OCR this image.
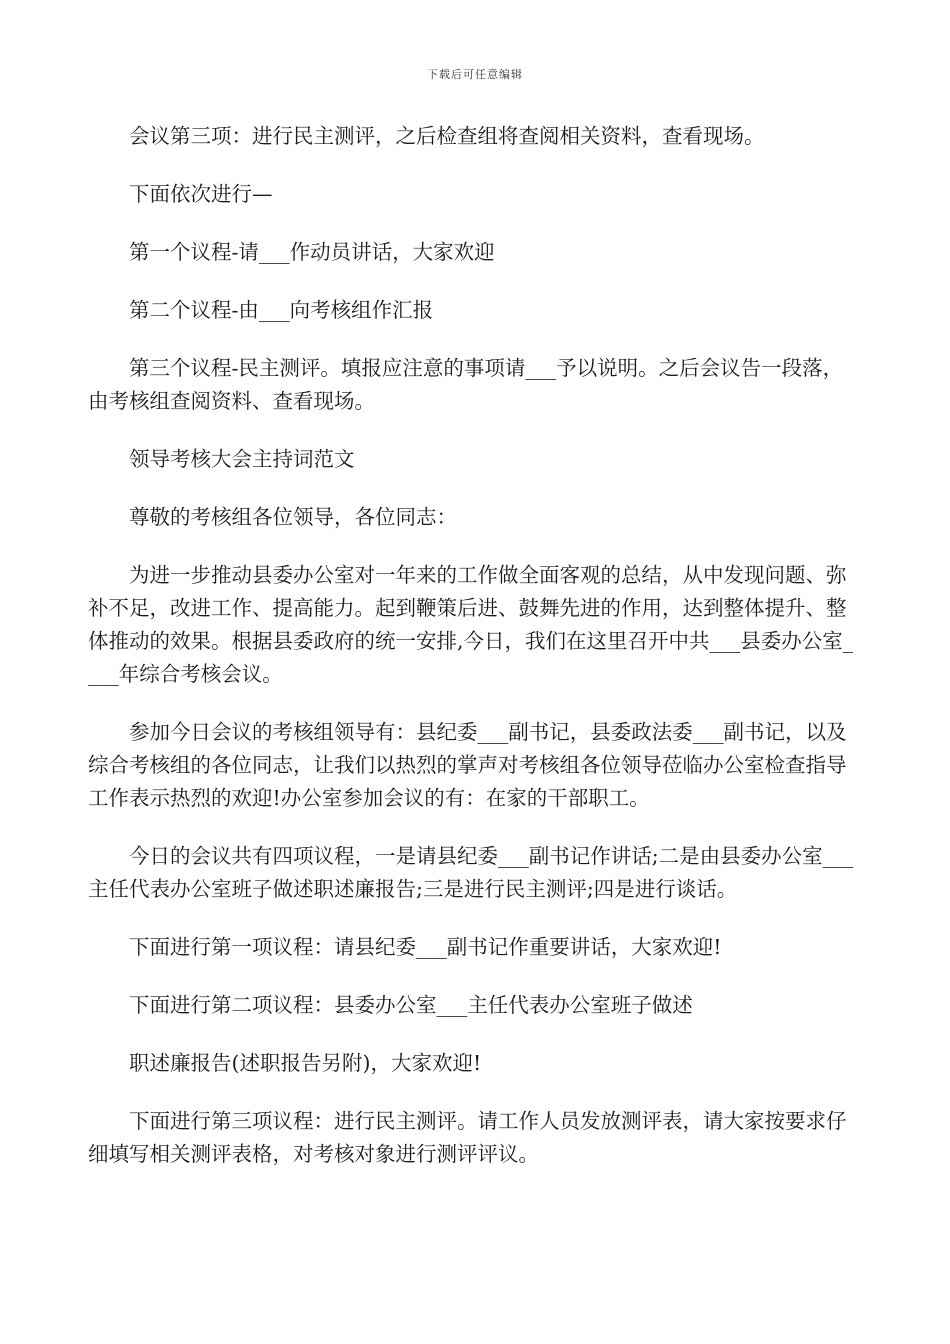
下载后可任意编辑

会议第三项：进行民主测评，之后检查组将查阅相关资料，查看现场。

下面依次进行—

第一个议程-请___作动员讲话，大家欢迎

第二个议程-由___向考核组作汇报

第三个议程-民主测评。填报应注意的事项请___予以说明。之后会议告一段落，由考核组查阅资料、查看现场。

领导考核大会主持词范文

尊敬的考核组各位领导，各位同志：

为进一步推动县委办公室对一年来的工作做全面客观的总结，从中发现问题、弥补不足，改进工作、提高能力。起到鞭策后进、鼓舞先进的作用，达到整体提升、整体推动的效果。根据县委政府的统一安排,今日，我们在这里召开中共___县委办公室____年综合考核会议。

参加今日会议的考核组领导有：县纪委___副书记，县委政法委___副书记，以及综合考核组的各位同志，让我们以热烈的掌声对考核组各位领导莅临办公室检查指导工作表示热烈的欢迎!办公室参加会议的有：在家的干部职工。

今日的会议共有四项议程，一是请县纪委___副书记作讲话;二是由县委办公室___主任代表办公室班子做述职述廉报告;三是进行民主测评;四是进行谈话。

下面进行第一项议程：请县纪委___副书记作重要讲话，大家欢迎!

下面进行第二项议程：县委办公室___主任代表办公室班子做述

职述廉报告(述职报告另附)，大家欢迎!

下面进行第三项议程：进行民主测评。请工作人员发放测评表，请大家按要求仔细填写相关测评表格，对考核对象进行测评评议。
